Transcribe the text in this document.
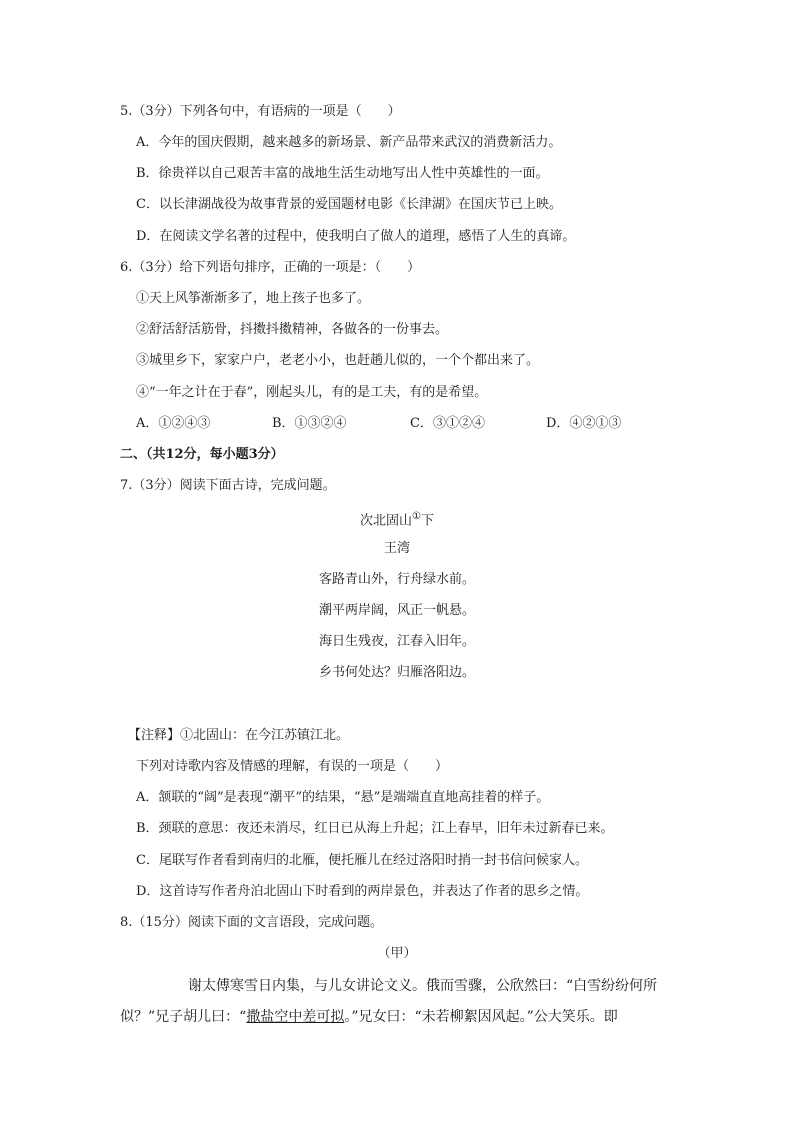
5.（3分）下列各句中，有语病的一项是（　　）
A．今年的国庆假期，越来越多的新场景、新产品带来武汉的消费新活力。
B．徐贵祥以自己艰苦丰富的战地生活生动地写出人性中英雄性的一面。
C．以长津湖战役为故事背景的爱国题材电影《长津湖》在国庆节已上映。
D．在阅读文学名著的过程中，使我明白了做人的道理，感悟了人生的真谛。
6.（3分）给下列语句排序，正确的一项是：（　　）
①天上风筝渐渐多了，地上孩子也多了。
②舒活舒活筋骨，抖擞抖擞精神，各做各的一份事去。
③城里乡下，家家户户，老老小小，也赶趟儿似的，一个个都出来了。
④“一年之计在于春”，刚起头儿，有的是工夫，有的是希望。
A．①②④③	B．①③②④	C．③①②④	D．④②①③
二、（共12分，每小题3分）
7.（3分）阅读下面古诗，完成问题。
次北固山①下
王湾
客路青山外，行舟绿水前。
潮平两岸阔，风正一帆悬。
海日生残夜，江春入旧年。
乡书何处达？归雁洛阳边。
【注释】①北固山：在今江苏镇江北。
下列对诗歌内容及情感的理解，有误的一项是（　　）
A．颔联的“阔”是表现“潮平”的结果，“悬”是端端直直地高挂着的样子。
B．颈联的意思：夜还未消尽，红日已从海上升起；江上春早，旧年未过新春已来。
C．尾联写作者看到南归的北雁，便托雁儿在经过洛阳时捎一封书信问候家人。
D．这首诗写作者舟泊北固山下时看到的两岸景色，并表达了作者的思乡之情。
8.（15分）阅读下面的文言语段，完成问题。
（甲）
谢太傅寒雪日内集，与儿女讲论文义。俄而雪骤，公欣然曰：“白雪纷纷何所
似？”兄子胡儿曰：“撒盐空中差可拟。”兄女曰：“未若柳絮因风起。”公大笑乐。即
